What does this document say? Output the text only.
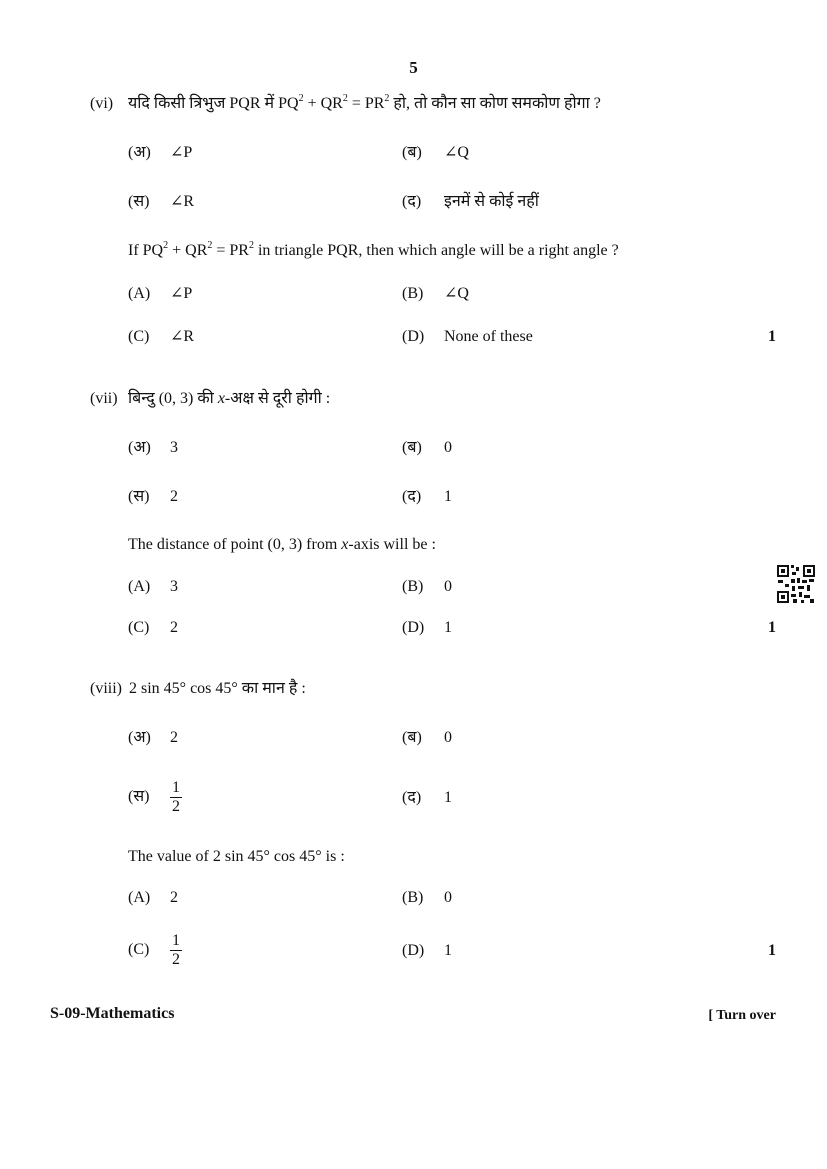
5
(vi) यदि किसी त्रिभुज PQR में $PQ^2 + QR^2 = PR^2$ हो, तो कौन सा कोण समकोण होगा ?
(अ) ∠P	(ब) ∠Q
(स) ∠R	(द) इनमें से कोई नहीं
If $PQ^2 + QR^2 = PR^2$ in triangle PQR, then which angle will be a right angle ?
(A) ∠P	(B) ∠Q
(C) ∠R	(D) None of these	1
(vii) बिन्दु (0, 3) की x-अक्ष से दूरी होगी :
(अ) 3	(ब) 0
(स) 2	(द) 1
The distance of point (0, 3) from x-axis will be :
(A) 3	(B) 0
(C) 2	(D) 1	1
(viii) 2 sin 45° cos 45° का मान है :
(अ) 2	(ब) 0
(स) $\frac{1}{2}$	(द) 1
The value of 2 sin 45° cos 45° is :
(A) 2	(B) 0
$(C) \frac{1}{2}$	(D) 1	1
S-09-Mathematics	[ Turn over
